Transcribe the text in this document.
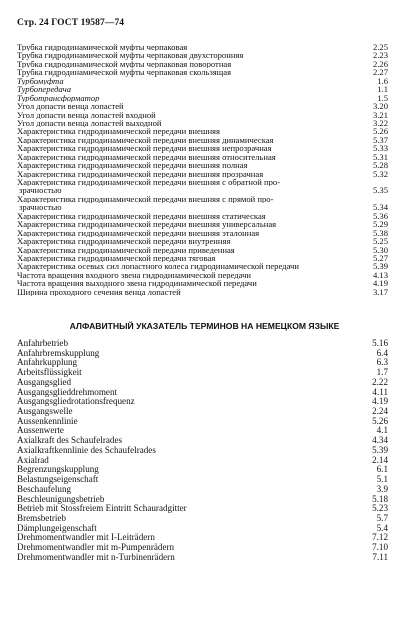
Стр. 24 ГОСТ 19587—74
Трубка гидродинамической муфты черпаковая	2.25
Трубка гидродинамической муфты черпаковая двухсторонняя	2.23
Трубка гидродинамической муфты черпаковая поворотная	2.26
Трубка гидродинамической муфты черпаковая скользящая	2.27
Турбомуфта	1.6
Турбопередача	1.1
Турботрансформатор	1.5
Угол допасти венца лопастей	3.20
Угол допасти венца лопастей входной	3.21
Угол допасти венца лопастей выходной	3.22
Характеристика гидродинамической передачи внешняя	5.26
Характеристика гидродинамической передачи внешняя динамическая	5.37
Характеристика гидродинамической передачи внешняя непрозрачная	5.33
Характеристика гидродинамической передачи внешняя относительная	5.31
Характеристика гидродинамической передачи внешняя полная	5.28
Характеристика гидродинамической передачи внешняя прозрачная	5.32
Характеристика гидродинамической передачи внешняя с обратной про-
зрачностью	5.35
Характеристика гидродинамической передачи внешняя с прямой про-
зрачностью	5.34
Характеристика гидродинамической передачи внешняя статическая	5.36
Характеристика гидродинамической передачи внешняя универсальная	5.29
Характеристика гидродинамической передачи внешняя эталонная	5.38
Характеристика гидродинамической передачи внутренняя	5.25
Характеристика гидродинамической передачи приведенная	5.30
Характеристика гидродинамической передачи тяговая	5.27
Характеристика осевых сил лопастного колеса гидродинамической передачи	5.39
Частота вращения входного звена гидродинамической передачи	4.13
Частота вращения выходного звена гидродинамической передачи	4.19
Ширина проходного сечения венца лопастей	3.17
АЛФАВИТНЫЙ УКАЗАТЕЛЬ ТЕРМИНОВ НА НЕМЕЦКОМ ЯЗЫКЕ
Anfahrbetrieb	5.16
Anfahrbremskupplung	6.4
Anfahrkupplung	6.3
Arbeitsflüssigkeit	1.7
Ausgangsglied	2.22
Ausgangsglieddrehmoment	4.11
Ausgangsgliedrotationsfrequenz	4.19
Ausgangswelle	2.24
Aussenkennlinie	5.26
Aussenwerte	4.1
Axialkraft des Schaufelrades	4.34
Axialkraftkennlinie des Schaufelrades	5.39
Axialrad	2.14
Begrenzungskupplung	6.1
Belastungseigenschaft	5.1
Beschaufelung	3.9
Beschleunigungsbetrieb	5.18
Betrieb mit Stossfreiem Eintritt Schauradgitter	5.23
Bremsbetrieb	5.7
Dämplungeigenschaft	5.4
Drehmomentwandler mit I-Leiträdern	7.12
Drehmomentwandler mit m-Pumpenrädern	7.10
Drehmomentwandler mit n-Turbinenrädern	7.11
